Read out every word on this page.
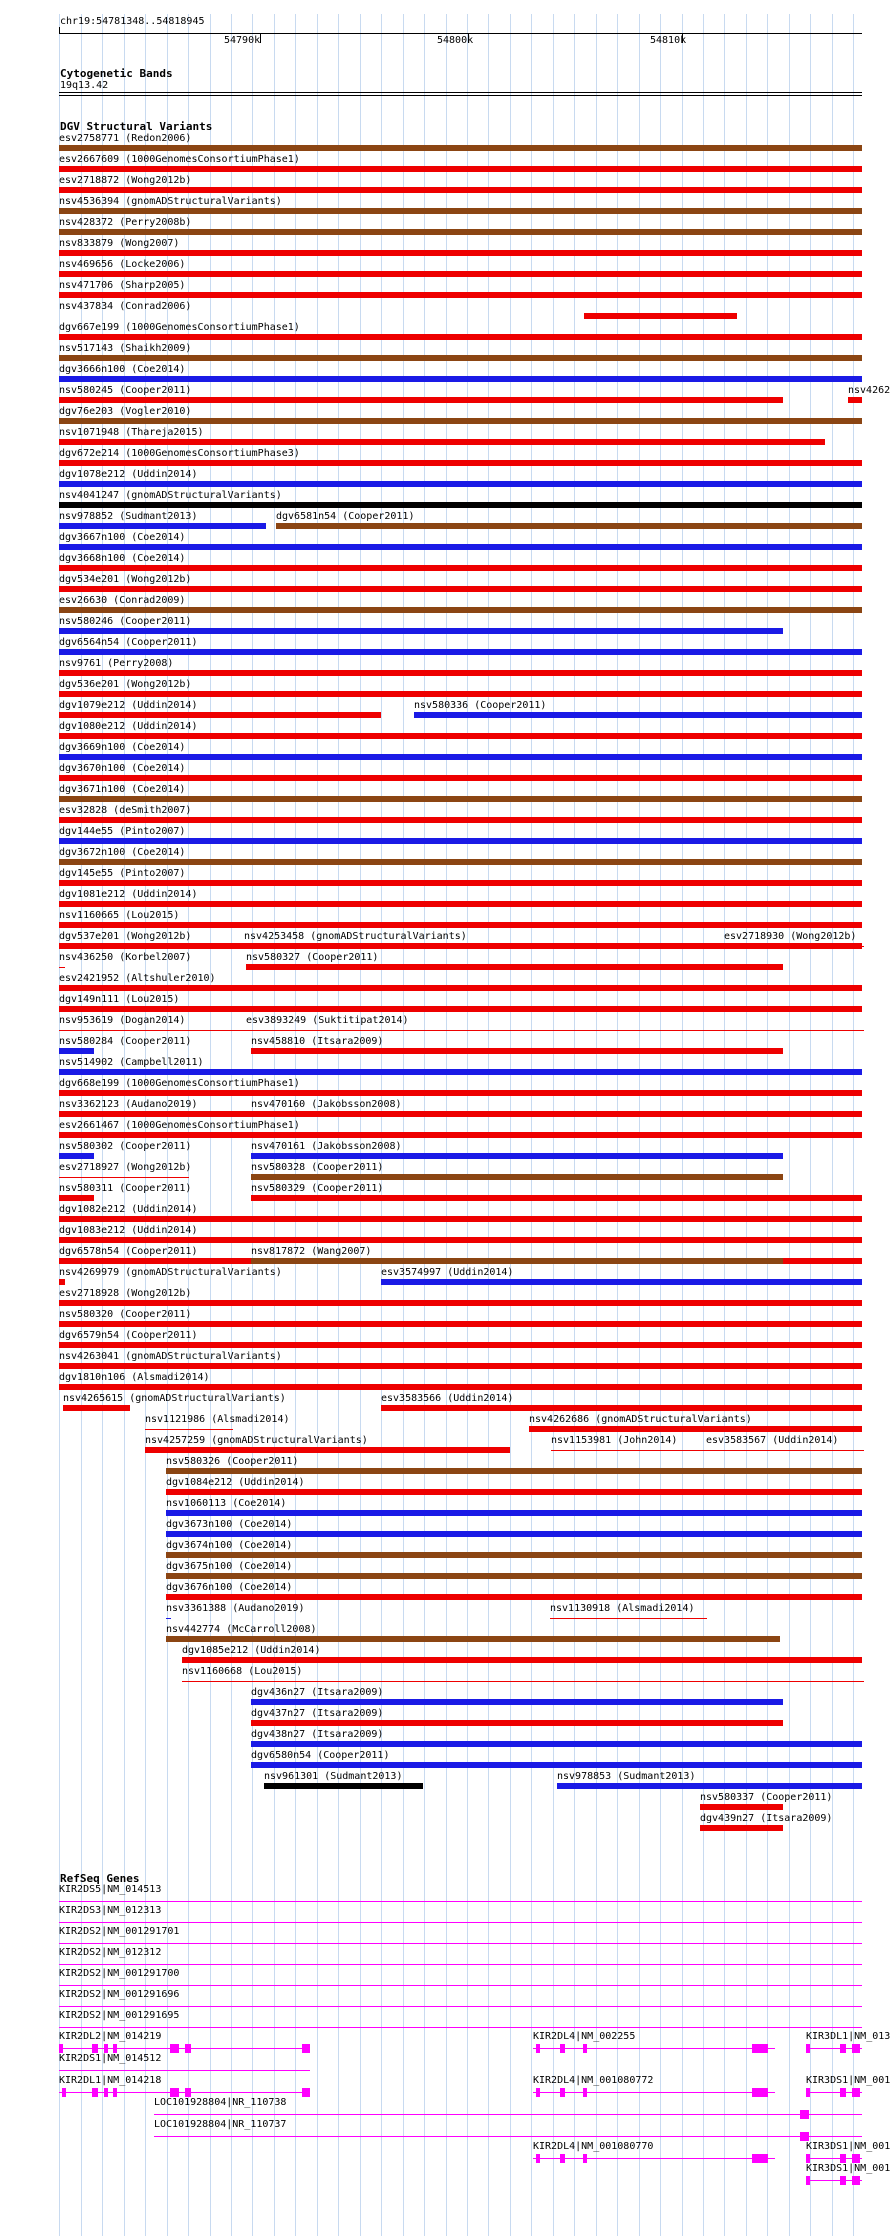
chr19:54781348..54818945
54790k	54800k	54810k
Cytogenetic Bands
19q13.42
DGV Structural Variants
esv2758771 (Redon2006)
esv2667609 (1000GenomesConsortiumPhase1)
esv2718872 (Wong2012b)
nsv4536394 (gnomADStructuralVariants)
nsv428372 (Perry2008b)
nsv833879 (Wong2007)
nsv469656 (Locke2006)
nsv471706 (Sharp2005)
nsv437834 (Conrad2006)
dgv667e199 (1000GenomesConsortiumPhase1)
nsv517143 (Shaikh2009)
dgv3666n100 (Coe2014)
nsv580245 (Cooper2011)	nsv4262
dgv76e203 (Vogler2010)
nsv1071948 (Thareja2015)
dgv672e214 (1000GenomesConsortiumPhase3)
dgv1078e212 (Uddin2014)
nsv4041247 (gnomADStructuralVariants)
nsv978852 (Sudmant2013)	dgv6581n54 (Cooper2011)
dgv3667n100 (Coe2014)
dgv3668n100 (Coe2014)
dgv534e201 (Wong2012b)
esv26630 (Conrad2009)
nsv580246 (Cooper2011)
dgv6564n54 (Cooper2011)
nsv9761 (Perry2008)
dgv536e201 (Wong2012b)
dgv1079e212 (Uddin2014)	nsv580336 (Cooper2011)
dgv1080e212 (Uddin2014)
dgv3669n100 (Coe2014)
dgv3670n100 (Coe2014)
dgv3671n100 (Coe2014)
esv32828 (deSmith2007)
dgv144e55 (Pinto2007)
dgv3672n100 (Coe2014)
dgv145e55 (Pinto2007)
dgv1081e212 (Uddin2014)
nsv1160665 (Lou2015)
dgv537e201 (Wong2012b)	nsv4253458 (gnomADStructuralVariants)	esv2718930 (Wong2012b)
nsv436250 (Korbel2007)	nsv580327 (Cooper2011)
esv2421952 (Altshuler2010)
dgv149n111 (Lou2015)
nsv953619 (Dogan2014)	esv3893249 (Suktitipat2014)
nsv580284 (Cooper2011)	nsv458810 (Itsara2009)
nsv514902 (Campbell2011)
dgv668e199 (1000GenomesConsortiumPhase1)
nsv3362123 (Audano2019)	nsv470160 (Jakobsson2008)
esv2661467 (1000GenomesConsortiumPhase1)
nsv580302 (Cooper2011)	nsv470161 (Jakobsson2008)
esv2718927 (Wong2012b)	nsv580328 (Cooper2011)
nsv580311 (Cooper2011)	nsv580329 (Cooper2011)
dgv1082e212 (Uddin2014)
dgv1083e212 (Uddin2014)
dgv6578n54 (Cooper2011)	nsv817872 (Wang2007)
nsv4269979 (gnomADStructuralVariants)	esv3574997 (Uddin2014)
esv2718928 (Wong2012b)
nsv580320 (Cooper2011)
dgv6579n54 (Cooper2011)
nsv4263041 (gnomADStructuralVariants)
dgv1810n106 (Alsmadi2014)
nsv4265615 (gnomADStructuralVariants)	esv3583566 (Uddin2014)
nsv1121986 (Alsmadi2014)	nsv4262686 (gnomADStructuralVariants)
nsv4257259 (gnomADStructuralVariants)	nsv1153981 (John2014)	esv3583567 (Uddin2014)
nsv580326 (Cooper2011)
dgv1084e212 (Uddin2014)
nsv1060113 (Coe2014)
dgv3673n100 (Coe2014)
dgv3674n100 (Coe2014)
dgv3675n100 (Coe2014)
dgv3676n100 (Coe2014)
nsv3361388 (Audano2019)	nsv1130918 (Alsmadi2014)
nsv442774 (McCarroll2008)
dgv1085e212 (Uddin2014)
nsv1160668 (Lou2015)
dgv436n27 (Itsara2009)
dgv437n27 (Itsara2009)
dgv438n27 (Itsara2009)
dgv6580n54 (Cooper2011)
nsv961301 (Sudmant2013)	nsv978853 (Sudmant2013)
nsv580337 (Cooper2011)
dgv439n27 (Itsara2009)
RefSeq Genes
KIR2DS5|NM_014513
KIR2DS3|NM_012313
KIR2DS2|NM_001291701
KIR2DS2|NM_012312
KIR2DS2|NM_001291700
KIR2DS2|NM_001291696
KIR2DS2|NM_001291695
KIR2DL2|NM_014219	KIR2DL4|NM_002255	KIR3DL1|NM_013
KIR2DS1|NM_014512
KIR2DL1|NM_014218	KIR2DL4|NM_001080772	KIR3DS1|NM_001
LOC101928804|NR_110738
LOC101928804|NR_110737
KIR2DL4|NM_001080770	KIR3DS1|NM_001
KIR3DS1|NM_001
